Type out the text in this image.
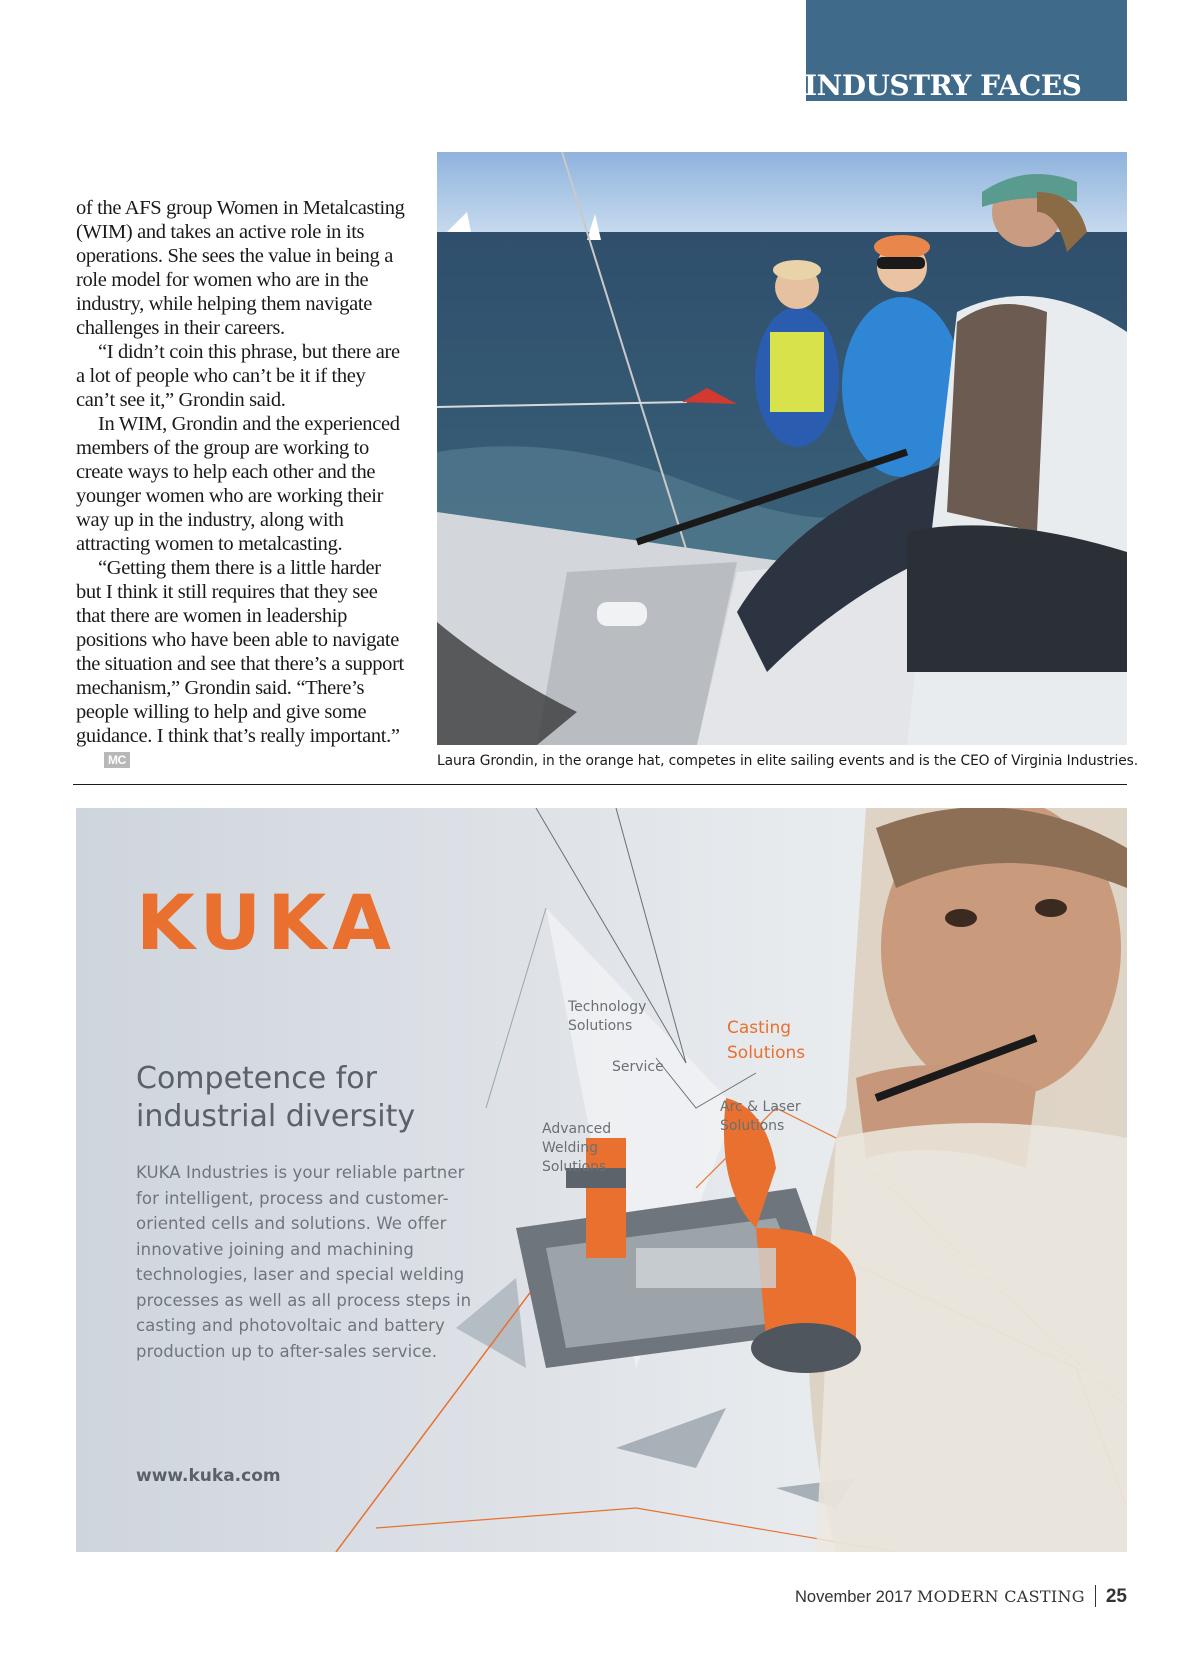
INDUSTRY FACES

of the AFS group Women in Metalcasting (WIM) and takes an active role in its operations. She sees the value in being a role model for women who are in the industry, while helping them navigate challenges in their careers.

“I didn’t coin this phrase, but there are a lot of people who can’t be it if they can’t see it,” Grondin said.

In WIM, Grondin and the experienced members of the group are working to create ways to help each other and the younger women who are working their way up in the industry, along with attracting women to metalcasting.

“Getting them there is a little harder but I think it still requires that they see that there are women in leadership positions who have been able to navigate the situation and see that there’s a support mechanism,” Grondin said. “There’s people willing to help and give some guidance. I think that’s really important.”MC	Laura Grondin, in the orange hat, competes in elite sailing events and is the CEO of Virginia Industries.
KUKA
Competence for industrial diversity
KUKA Industries is your reliable partner for intelligent, process and customer-oriented cells and solutions. We offer innovative joining and machining technologies, laser and special welding processes as well as all process steps in casting and photovoltaic and battery production up to after-sales service.
www.kuka.com
Technology Solutions	Casting Solutions
Service
Arc & Laser Solutions
Advanced Welding Solutions
November 2017 MODERN CASTING 25
